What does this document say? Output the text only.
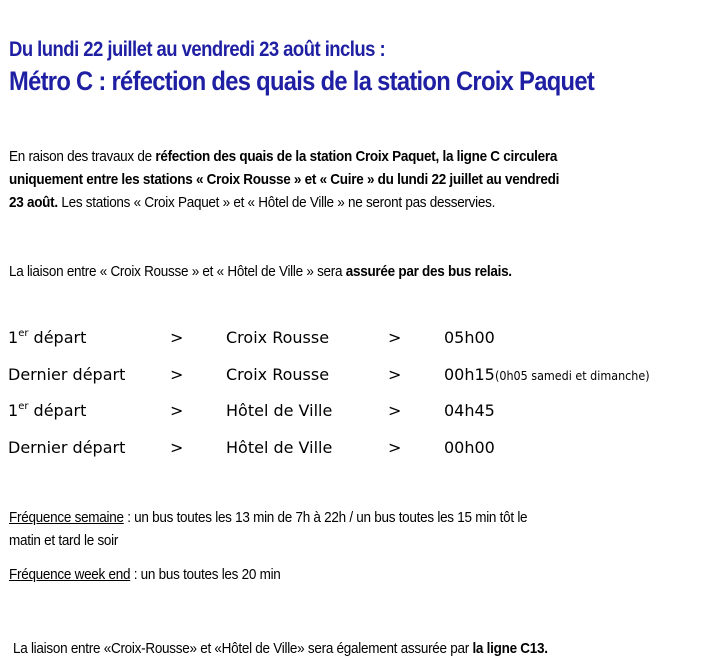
Du lundi 22 juillet au vendredi 23 août inclus :
Métro C : réfection des quais de la station Croix Paquet
En raison des travaux de réfection des quais de la station Croix Paquet, la ligne C circulera
uniquement entre les stations « Croix Rousse » et « Cuire » du lundi 22 juillet au vendredi
23 août. Les stations « Croix Paquet » et « Hôtel de Ville » ne seront pas desservies.
La liaison entre « Croix Rousse » et « Hôtel de Ville » sera assurée par des bus relais.
1er départ	>	Croix Rousse	>	05h00
Dernier départ	>	Croix Rousse	>	00h15(0h05 samedi et dimanche)
1er départ	>	Hôtel de Ville	>	04h45
Dernier départ	>	Hôtel de Ville	>	00h00
Fréquence semaine : un bus toutes les 13 min de 7h à 22h / un bus toutes les 15 min tôt le
matin et tard le soir
Fréquence week end : un bus toutes les 20 min
La liaison entre «Croix-Rousse» et «Hôtel de Ville» sera également assurée par la ligne C13.
